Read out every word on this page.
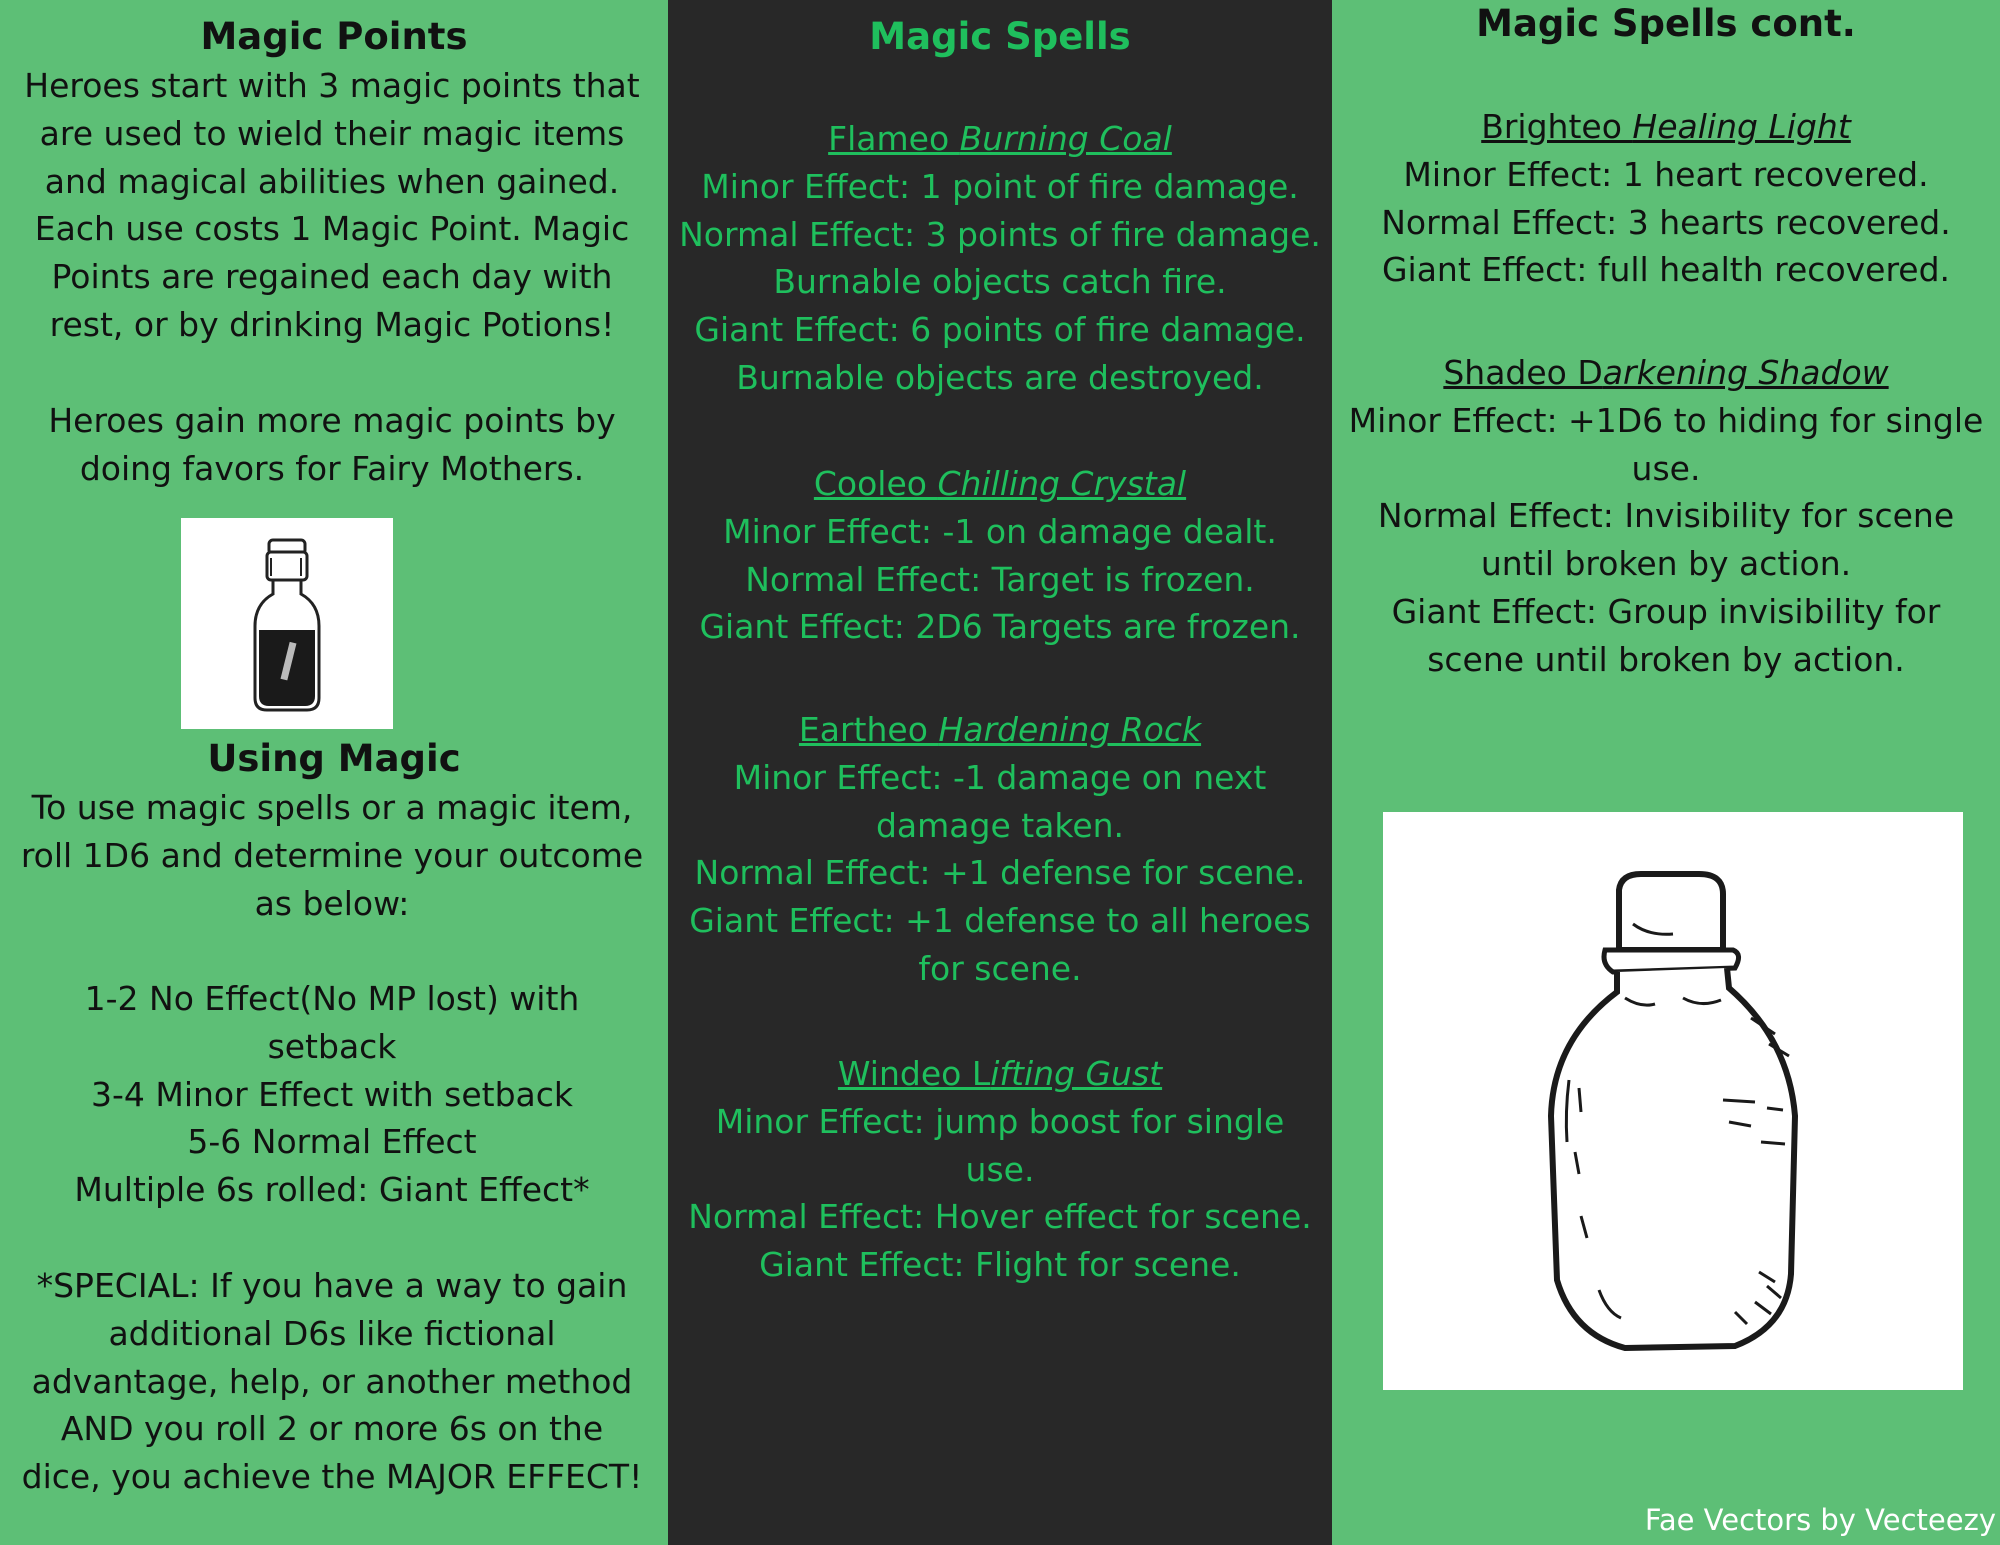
Magic Points
Heroes start with 3 magic points that
are used to wield their magic items
and magical abilities when gained.
Each use costs 1 Magic Point. Magic
Points are regained each day with
rest, or by drinking Magic Potions!
Heroes gain more magic points by
doing favors for Fairy Mothers.
Using Magic
To use magic spells or a magic item,
roll 1D6 and determine your outcome
as below:
1-2 No Effect(No MP lost) with
setback
3-4 Minor Effect with setback
5-6 Normal Effect
Multiple 6s rolled: Giant Effect*
*SPECIAL: If you have a way to gain
additional D6s like fictional
advantage, help, or another method
AND you roll 2 or more 6s on the
dice, you achieve the MAJOR EFFECT!
Magic Spells
Flameo Burning Coal
Minor Effect: 1 point of fire damage.
Normal Effect: 3 points of fire damage.
Burnable objects catch fire.
Giant Effect: 6 points of fire damage.
Burnable objects are destroyed.
Cooleo Chilling Crystal
Minor Effect: -1 on damage dealt.
Normal Effect: Target is frozen.
Giant Effect: 2D6 Targets are frozen.
Eartheo Hardening Rock
Minor Effect: -1 damage on next
damage taken.
Normal Effect: +1 defense for scene.
Giant Effect: +1 defense to all heroes
for scene.
Windeo Lifting Gust
Minor Effect: jump boost for single
use.
Normal Effect: Hover effect for scene.
Giant Effect: Flight for scene.
Magic Spells cont.
Brighteo Healing Light
Minor Effect: 1 heart recovered.
Normal Effect: 3 hearts recovered.
Giant Effect: full health recovered.
Shadeo Darkening Shadow
Minor Effect: +1D6 to hiding for single
use.
Normal Effect: Invisibility for scene
until broken by action.
Giant Effect: Group invisibility for
scene until broken by action.
Fae Vectors by Vecteezy
